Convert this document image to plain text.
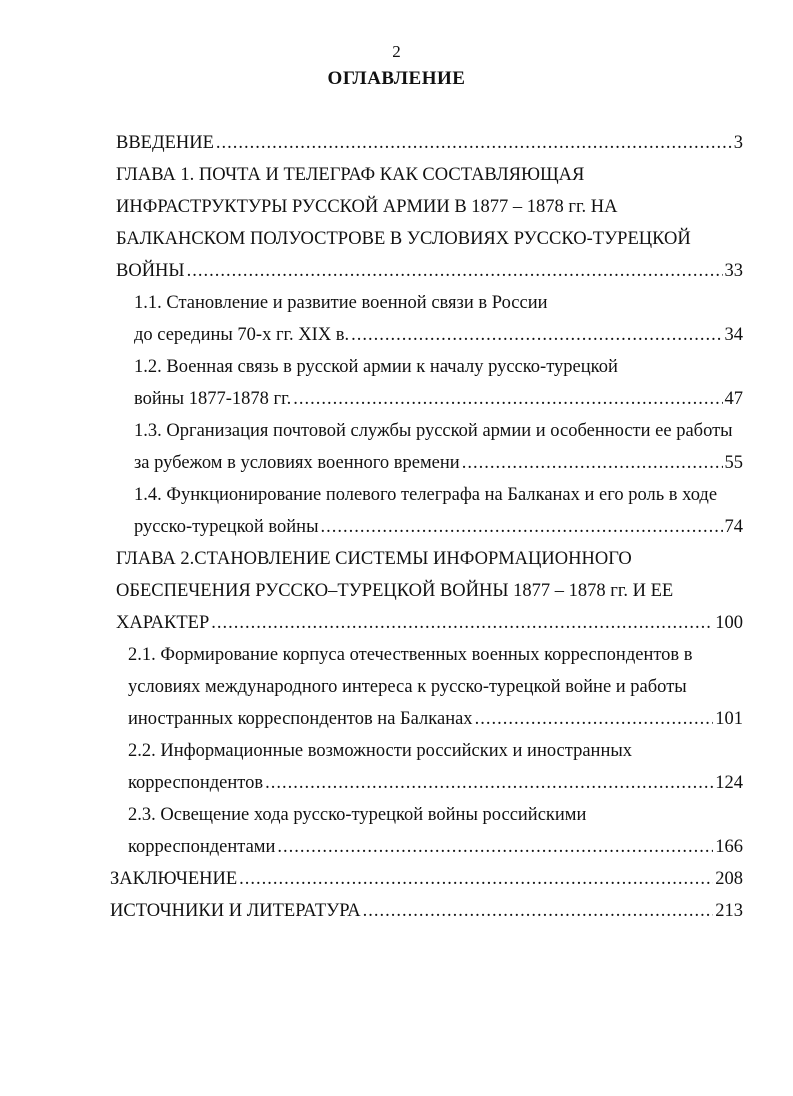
2
ОГЛАВЛЕНИЕ
ВВЕДЕНИЕ .....	3
ГЛАВА 1. ПОЧТА И ТЕЛЕГРАФ КАК СОСТАВЛЯЮЩАЯ
ИНФРАСТРУКТУРЫ РУССКОЙ АРМИИ В 1877 – 1878 гг. НА
БАЛКАНСКОМ ПОЛУОСТРОВЕ В УСЛОВИЯХ РУССКО-ТУРЕЦКОЙ
ВОЙНЫ .....	33
1.1. Становление и развитие военной связи в России
до середины 70-х гг. XIX в. .....	34
1.2. Военная связь в русской армии к началу русско-турецкой
войны 1877-1878 гг. .....	47
1.3. Организация почтовой службы русской армии и особенности ее работы
за рубежом в условиях военного времени .....	55
1.4. Функционирование полевого телеграфа на Балканах и его роль в ходе
русско-турецкой войны .....	74
ГЛАВА 2.СТАНОВЛЕНИЕ СИСТЕМЫ ИНФОРМАЦИОННОГО
ОБЕСПЕЧЕНИЯ РУССКО–ТУРЕЦКОЙ ВОЙНЫ 1877 – 1878 гг. И ЕЕ
ХАРАКТЕР .....	100
2.1. Формирование корпуса отечественных военных корреспондентов в
условиях международного интереса к русско-турецкой войне и работы
иностранных корреспондентов на Балканах .....	101
2.2. Информационные возможности российских и иностранных
корреспондентов .....	124
2.3. Освещение хода русско-турецкой войны российскими
корреспондентами .....	166
ЗАКЛЮЧЕНИЕ .....	208
ИСТОЧНИКИ И ЛИТЕРАТУРА .....	213
